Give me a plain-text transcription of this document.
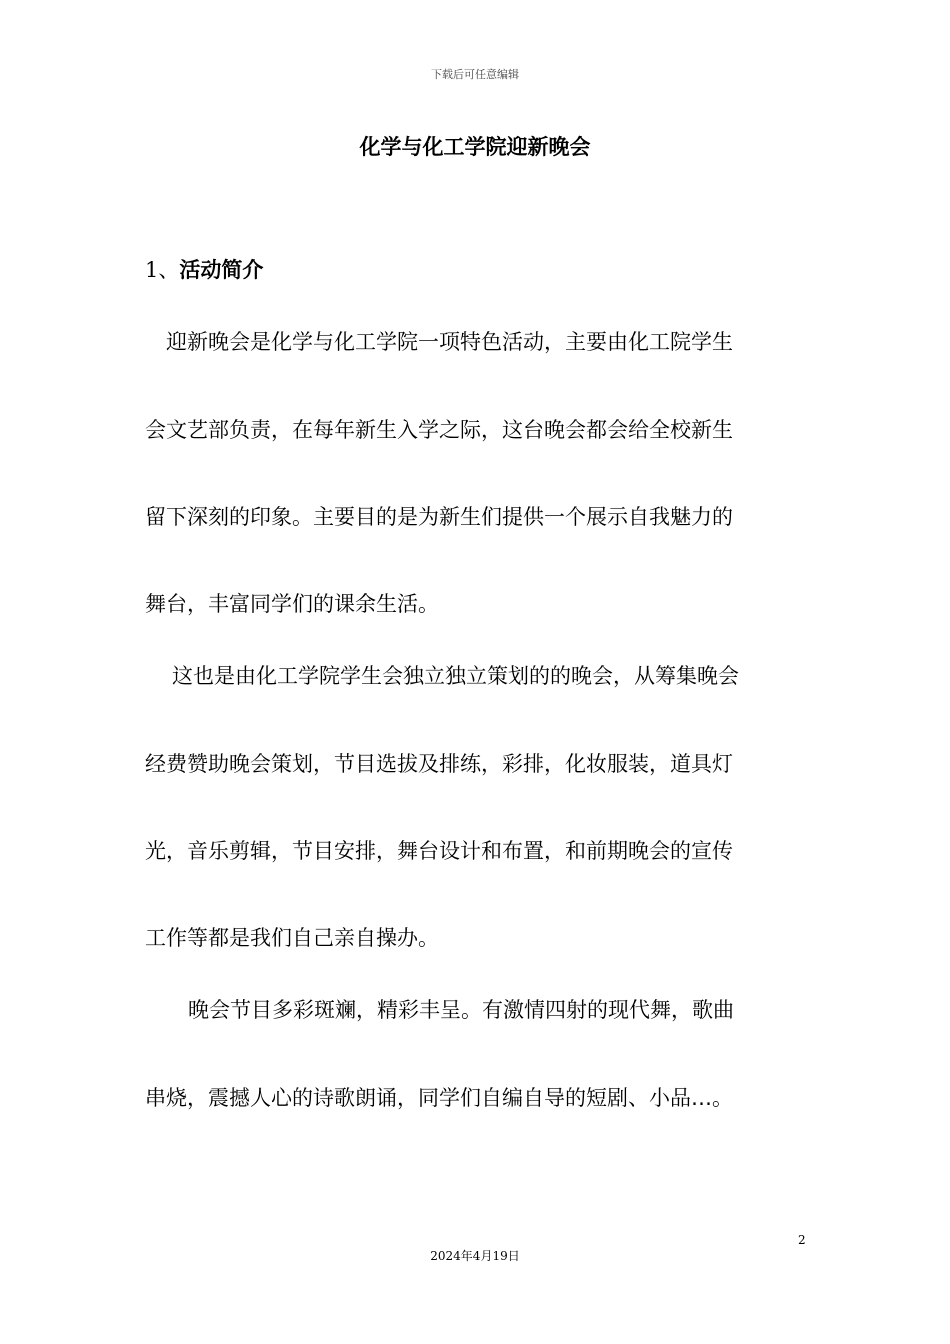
下载后可任意编辑
化学与化工学院迎新晚会
1、活动简介
迎新晚会是化学与化工学院一项特色活动，主要由化工院学生
会文艺部负责，在每年新生入学之际，这台晚会都会给全校新生
留下深刻的印象。主要目的是为新生们提供一个展示自我魅力的
舞台，丰富同学们的课余生活。
这也是由化工学院学生会独立独立策划的的晚会，从筹集晚会
经费赞助晚会策划，节目选拔及排练，彩排，化妆服装，道具灯
光，音乐剪辑，节目安排，舞台设计和布置，和前期晚会的宣传
工作等都是我们自己亲自操办。
晚会节目多彩斑斓，精彩丰呈。有激情四射的现代舞，歌曲
串烧，震撼人心的诗歌朗诵，同学们自编自导的短剧、小品…。
2
2024年4月19日
